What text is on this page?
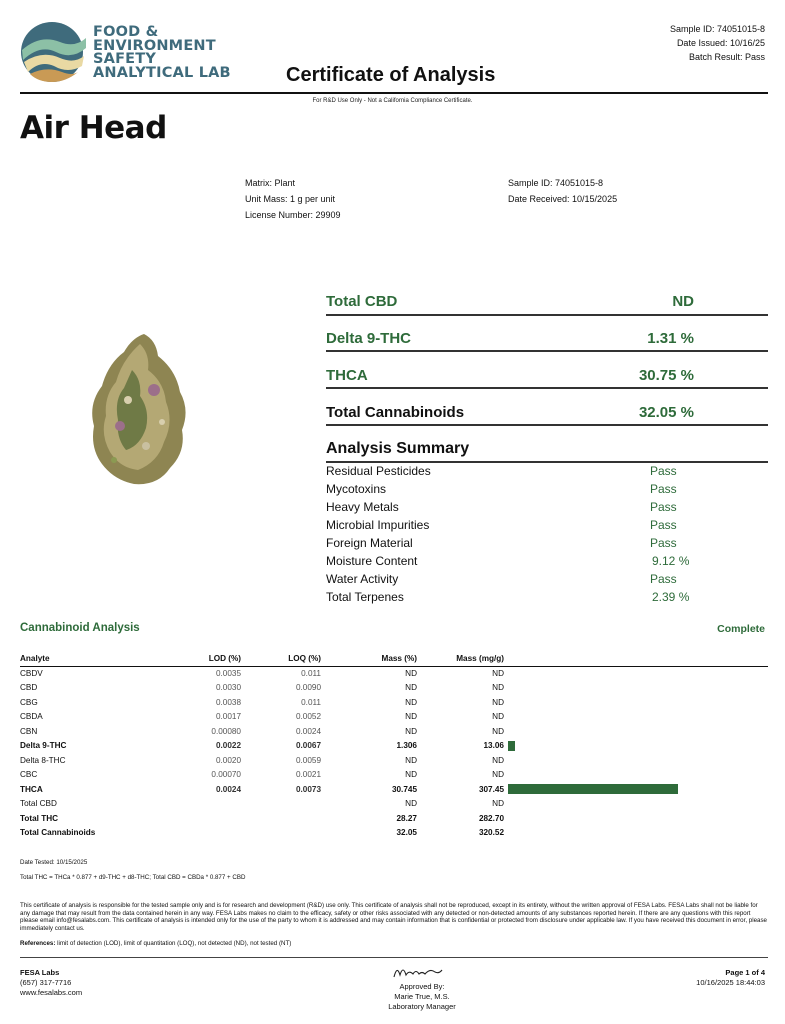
FOOD &
ENVIRONMENT
SAFETY
ANALYTICAL LAB
Sample ID: 74051015-8
Date Issued: 10/16/25
Batch Result: Pass
Certificate of Analysis
For R&D Use Only - Not a California Compliance Certificate.
Air Head
Matrix: Plant
Unit Mass: 1 g per unit
License Number: 29909
Sample ID: 74051015-8
Date Received: 10/15/2025
Total CBD	ND
Delta 9-THC	1.31 %
THCA	30.75 %
Total Cannabinoids	32.05 %
Analysis Summary
Residual Pesticides	Pass
Mycotoxins	Pass
Heavy Metals	Pass
Microbial Impurities	Pass
Foreign Material	Pass
Moisture Content	9.12 %
Water Activity	Pass
Total Terpenes	2.39 %
Cannabinoid Analysis	Complete
Analyte	LOD (%)	LOQ (%)	Mass (%)	Mass (mg/g)	
CBDV	0.0035	0.011	ND	ND	
CBD	0.0030	0.0090	ND	ND	
CBG	0.0038	0.011	ND	ND	
CBDA	0.0017	0.0052	ND	ND	
CBN	0.00080	0.0024	ND	ND	
Delta 9-THC	0.0022	0.0067	1.306	13.06	
Delta 8-THC	0.0020	0.0059	ND	ND	
CBC	0.00070	0.0021	ND	ND	
THCA	0.0024	0.0073	30.745	307.45	
Total CBD			ND	ND	
Total THC			28.27	282.70	
Total Cannabinoids			32.05	320.52	
Date Tested: 10/15/2025
Total THC = THCa * 0.877 + d9-THC + d8-THC; Total CBD = CBDa * 0.877 + CBD
This certificate of analysis is responsible for the tested sample only and is for research and development (R&D) use only. This certificate of analysis shall not be reproduced, except in its entirety, without the written approval of FESA Labs. FESA Labs shall not be liable for any damage that may result from the data contained herein in any way. FESA Labs makes no claim to the efficacy, safety or other risks associated with any detected or non-detected amounts of any substances reported herein. If there are any questions with this report please email info@fesalabs.com. This certificate of analysis is intended only for the use of the party to whom it is addressed and may contain information that is confidential or protected from disclosure under applicable law. If you have received this document in error, please immediately contact us.
References: limit of detection (LOD), limit of quantitation (LOQ), not detected (ND), not tested (NT)
FESA Labs
(657) 317-7716
www.fesalabs.com
Approved By:
Marie True, M.S.
Laboratory Manager
Page 1 of 4
10/16/2025 18:44:03
